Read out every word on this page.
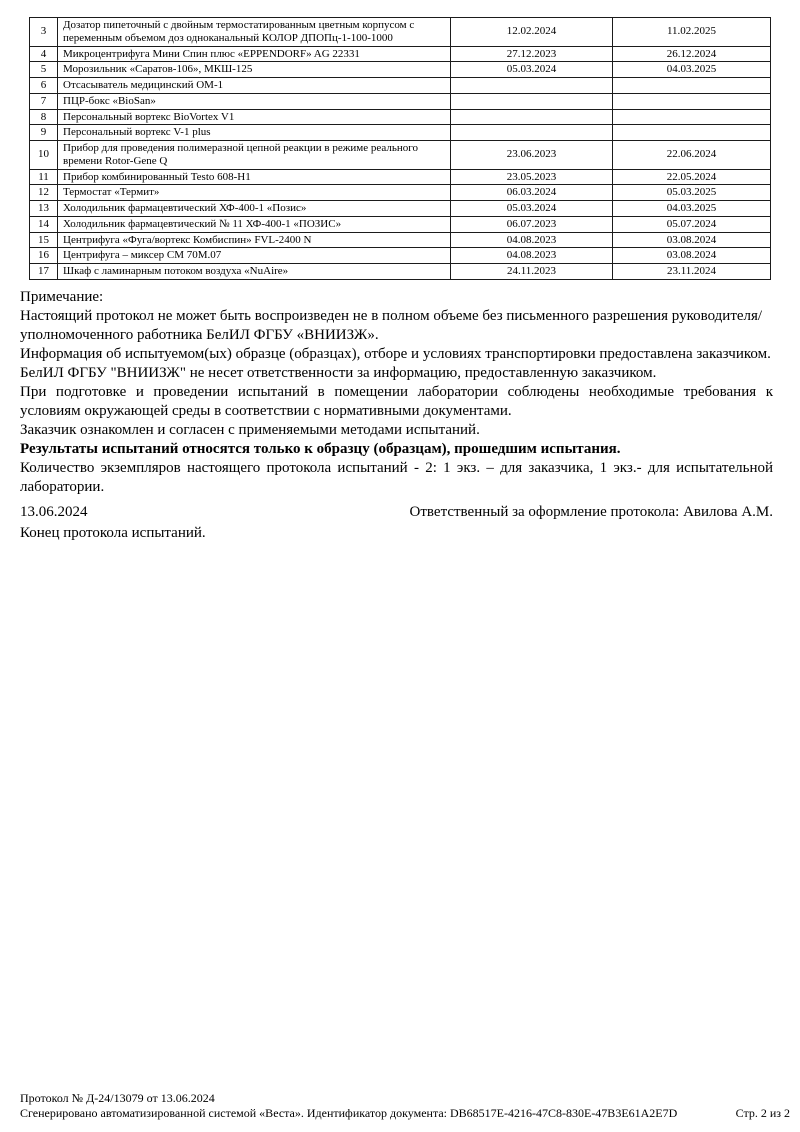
3	Дозатор пипеточный с двойным термостатированным цветным корпусом с переменным объемом доз одноканальный КОЛОР ДПОПц-1-100-1000	12.02.2024	11.02.2025
4	Микроцентрифуга Мини Спин плюс «EPPENDORF» AG 22331	27.12.2023	26.12.2024
5	Морозильник «Саратов-106», МКШ-125	05.03.2024	04.03.2025
6	Отсасыватель медицинский ОМ-1		
7	ПЦР-бокс «BioSan»		
8	Персональный вортекс BioVortex V1		
9	Персональный вортекс V-1 plus		
10	Прибор для проведения полимеразной цепной реакции в режиме реального времени Rotor-Gene Q	23.06.2023	22.06.2024
11	Прибор комбинированный Testo 608-H1	23.05.2023	22.05.2024
12	Термостат «Термит»	06.03.2024	05.03.2025
13	Холодильник фармацевтический ХФ-400-1 «Позис»	05.03.2024	04.03.2025
14	Холодильник фармацевтический № 11 ХФ-400-1 «ПОЗИС»	06.07.2023	05.07.2024
15	Центрифуга «Фуга/вортекс Комбиспин» FVL-2400 N	04.08.2023	03.08.2024
16	Центрифуга – миксер СМ 70М.07	04.08.2023	03.08.2024
17	Шкаф с ламинарным потоком воздуха «NuAire»	24.11.2023	23.11.2024

Примечание:

Настоящий протокол не может быть воспроизведен не в полном объеме без письменного разрешения руководителя/уполномоченного работника БелИЛ ФГБУ «ВНИИЗЖ».

Информация об испытуемом(ых) образце (образцах), отборе и условиях транспортировки предоставлена заказчиком.

БелИЛ ФГБУ "ВНИИЗЖ" не несет ответственности за информацию, предоставленную заказчиком.

При подготовке и проведении испытаний в помещении лаборатории соблюдены необходимые требования к

условиям окружающей среды в соответствии с нормативными документами.

Заказчик ознакомлен и согласен с применяемыми методами испытаний.

Результаты испытаний относятся только к образцу (образцам), прошедшим испытания.

Количество экземпляров настоящего протокола испытаний - 2: 1 экз. – для заказчика, 1 экз.- для испытательной

лаборатории.

13.06.2024	Ответственный за оформление протокола: Авилова А.М.
Конец протокола испытаний.
Протокол № Д-24/13079 от 13.06.2024
Сгенерировано автоматизированной системой «Веста». Идентификатор документа: DB68517E-4216-47C8-830E-47B3E61A2E7D	Стр. 2 из 2
